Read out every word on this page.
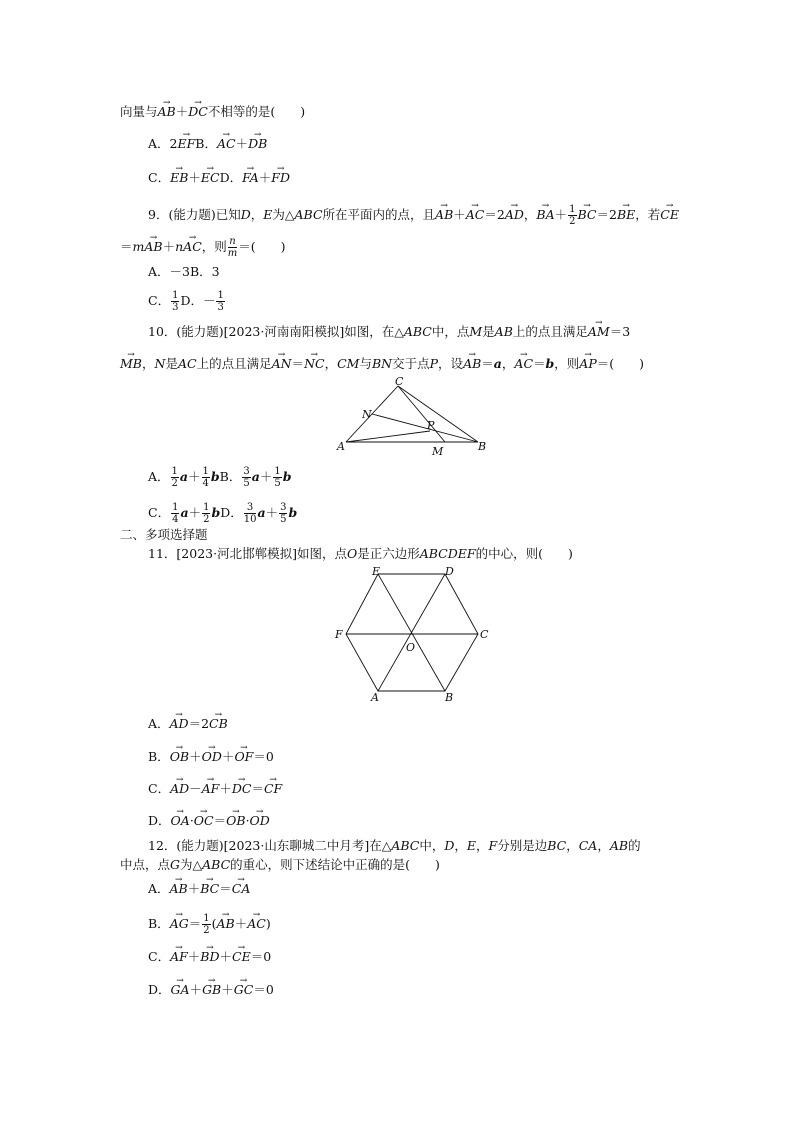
向量与→ AB＋→ DC不相等的是(　　)
A．2→ EFB．→ AC＋→ DB
C．→ EB＋→ ECD．→ FA＋→ FD
9．(能力题)已知D，E为△ABC所在平面内的点，且→ AB＋→ AC＝2→ AD，→ $BA+ \frac{1}{2}$
→ BC＝2→ BE，若→ CE
＝m→ AB＋n→ AC，则 $\frac{n}{m}$ ＝(　　)
A．－3B．3
C． $\frac{1}{3}$ D．－ $\frac{1}{3}$
10．(能力题)[2023·河南南阳模拟]如图，在△ABC中，点M是AB上的点且满足→ AM＝3
→ MB，N是AC上的点且满足→ AN＝→ NC，CM与BN交于点P，设→ AB＝a，→ AC＝b，则→ AP＝(　　)
A	B
C
M
N
P
A． $\frac{1}{2} a+ \frac{1}{4}$ bB． $\frac{3}{5} a+ \frac{1}{5}$ b
C． $\frac{1}{4} a+ \frac{1}{2}$ bD． $\frac{3}{10} a+ \frac{3}{5}$ b
二、多项选择题
11．[2023·河北邯郸模拟]如图，点O是正六边形ABCDEF的中心，则(　　)
E	D
C
F
A	B
O
A．→ AD＝2→ CB
B．→ OB＋→ OD＋→ OF＝0
C．→ AD－→ AF＋→ DC＝→ CF
D．→ OA·→ OC＝→ OB·→ OD
12．(能力题)[2023·山东聊城二中月考]在△ABC中，D，E，F分别是边BC，CA，AB的
中点，点G为△ABC的重心，则下述结论中正确的是(　　)
A．→ AB＋→ BC＝→ CA
B．→ $AG= \frac{1}{2}$ (→ AB＋→ AC)
C．→ AF＋→ BD＋→ CE＝0
D．→ GA＋→ GB＋→ GC＝0
